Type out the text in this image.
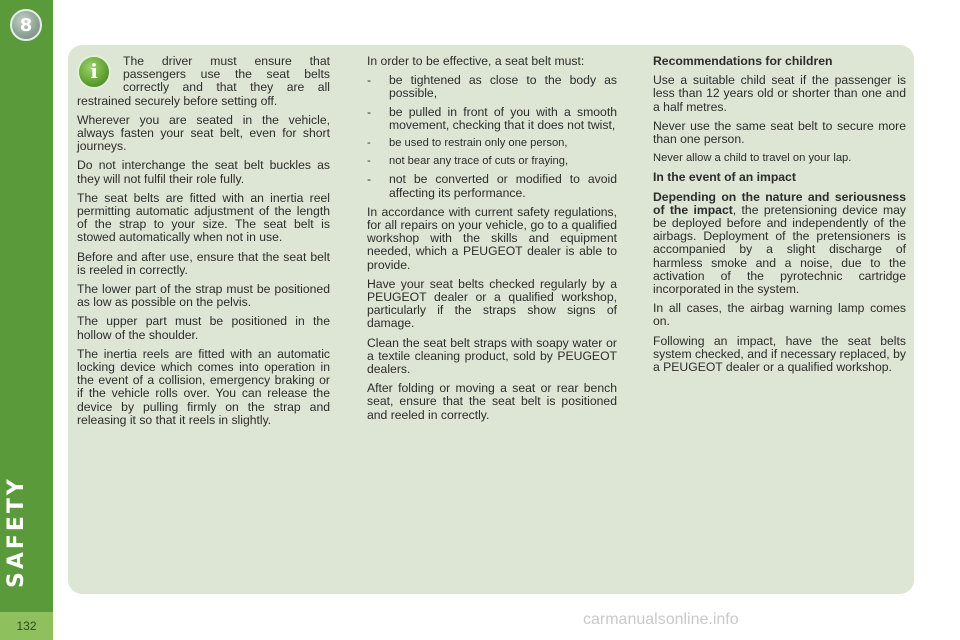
8
SAFETY
132
i	The driver must ensure that passengers use the seat belts correctly and that they are all restrained securely before setting off.

Wherever you are seated in the vehicle, always fasten your seat belt, even for short journeys.

Do not interchange the seat belt buckles as they will not fulfil their role fully.

The seat belts are fitted with an inertia reel permitting automatic adjustment of the length of the strap to your size. The seat belt is stowed automatically when not in use.

Before and after use, ensure that the seat belt is reeled in correctly.

The lower part of the strap must be positioned as low as possible on the pelvis.

The upper part must be positioned in the hollow of the shoulder.

The inertia reels are fitted with an automatic locking device which comes into operation in the event of a collision, emergency braking or if the vehicle rolls over. You can release the device by pulling firmly on the strap and releasing it so that it reels in slightly.

In order to be effective, a seat belt must:

- be tightened as close to the body as possible,
- be pulled in front of you with a smooth movement, checking that it does not twist,
- be used to restrain only one person,
- not bear any trace of cuts or fraying,
- not be converted or modified to avoid affecting its performance.

In accordance with current safety regulations, for all repairs on your vehicle, go to a qualified workshop with the skills and equipment needed, which a PEUGEOT dealer is able to provide.

Have your seat belts checked regularly by a PEUGEOT dealer or a qualified workshop, particularly if the straps show signs of damage.

Clean the seat belt straps with soapy water or a textile cleaning product, sold by PEUGEOT dealers.

After folding or moving a seat or rear bench seat, ensure that the seat belt is positioned and reeled in correctly.

Recommendations for children

Use a suitable child seat if the passenger is less than 12 years old or shorter than one and a half metres.

Never use the same seat belt to secure more than one person.

Never allow a child to travel on your lap.

In the event of an impact

Depending on the nature and seriousness of the impact, the pretensioning device may be deployed before and independently of the airbags. Deployment of the pretensioners is accompanied by a slight discharge of harmless smoke and a noise, due to the activation of the pyrotechnic cartridge incorporated in the system.

In all cases, the airbag warning lamp comes on.

Following an impact, have the seat belts system checked, and if necessary replaced, by a PEUGEOT dealer or a qualified workshop.

carmanualsonline.info
